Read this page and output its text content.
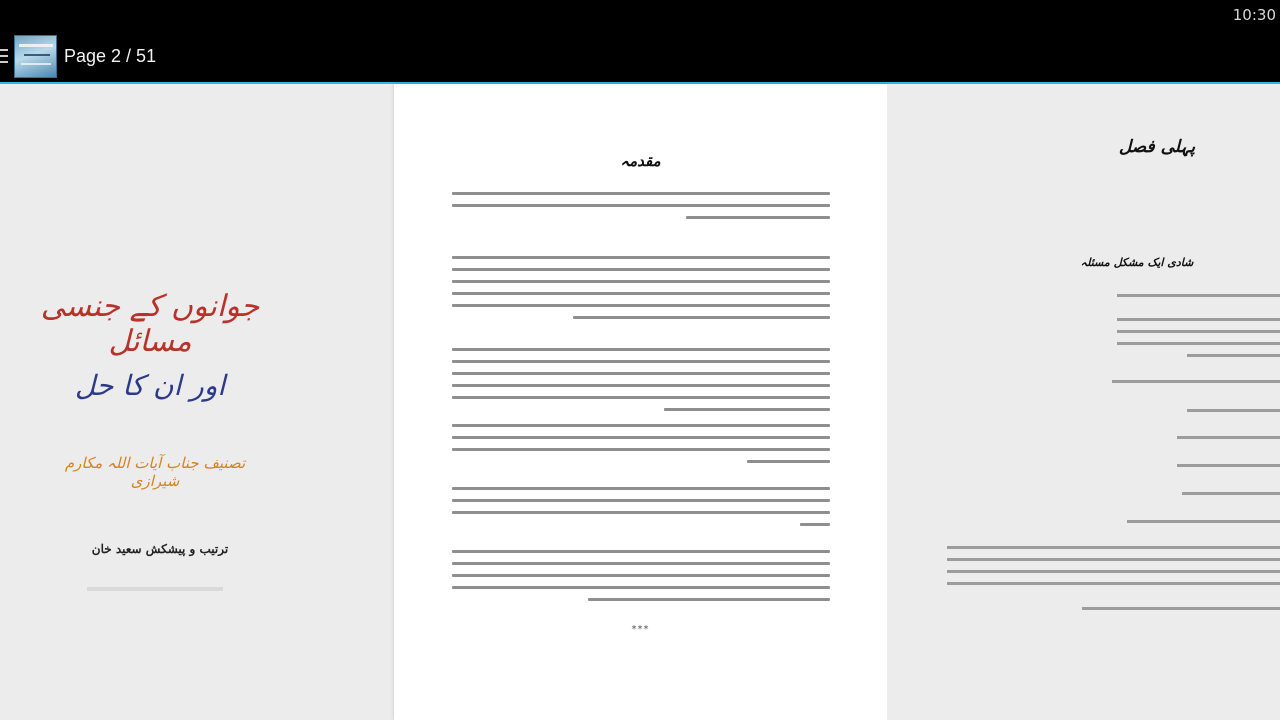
10:30
Page 2 / 51
جوانوں کے جنسی مسائل
اور ان کا حل
تصنیف جناب آیات اللہ مکارم شیرازی
ترتیب و پیشکش سعید خان
مقدمہ
***
پہلی فصل
شادی ایک مشکل مسئلہ
